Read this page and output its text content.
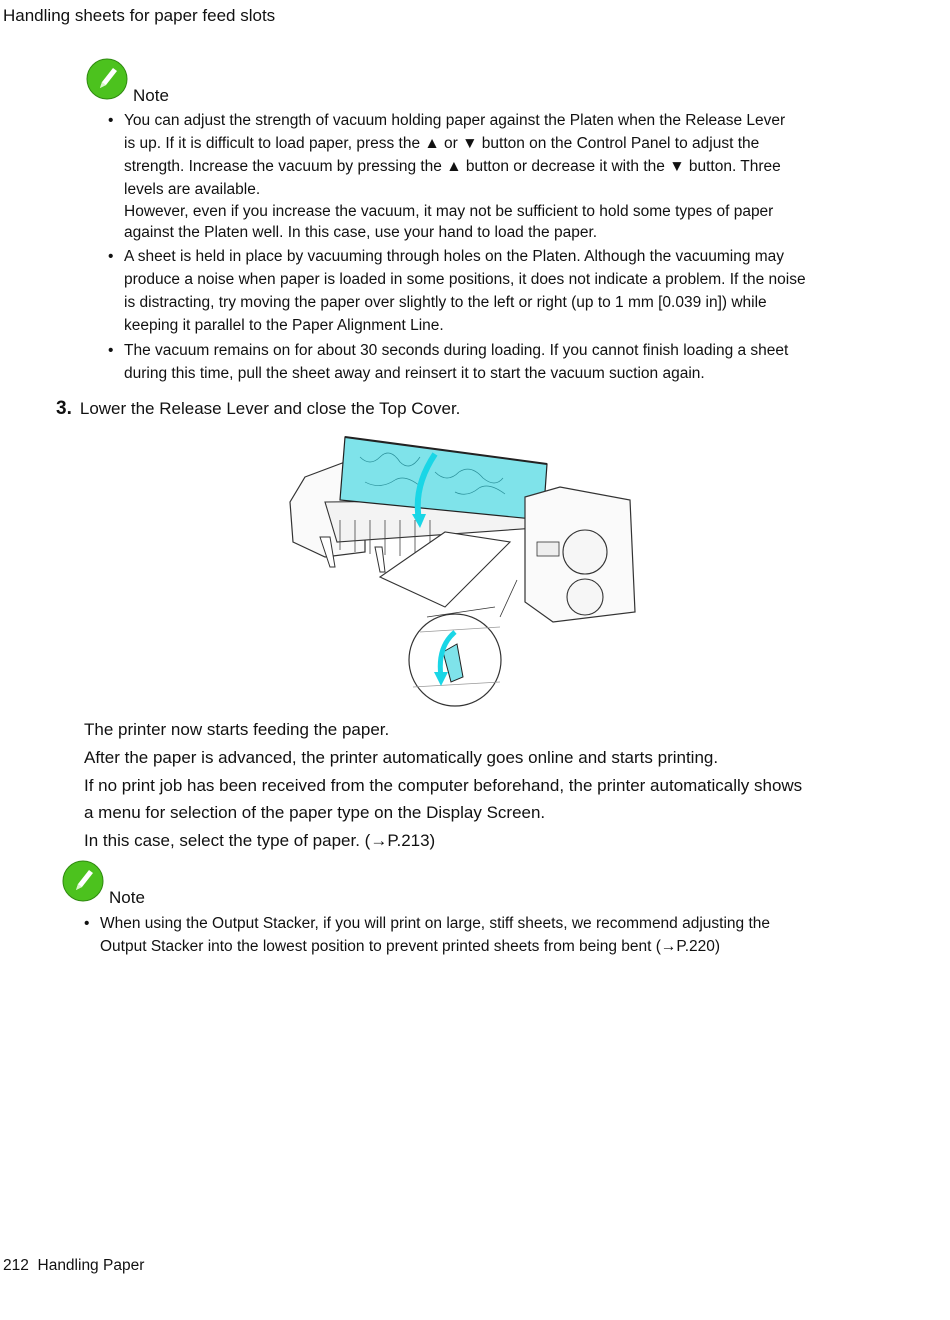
Handling sheets for paper feed slots
Note
• You can adjust the strength of vacuum holding paper against the Platen when the Release Lever
is up. If it is difficult to load paper, press the ▲ or ▼ button on the Control Panel to adjust the
strength. Increase the vacuum by pressing the ▲ button or decrease it with the ▼ button. Three
levels are available.
However, even if you increase the vacuum, it may not be sufficient to hold some types of paper
against the Platen well. In this case, use your hand to load the paper.
• A sheet is held in place by vacuuming through holes on the Platen. Although the vacuuming may
produce a noise when paper is loaded in some positions, it does not indicate a problem. If the noise
is distracting, try moving the paper over slightly to the left or right (up to 1 mm [0.039 in]) while
keeping it parallel to the Paper Alignment Line.
• The vacuum remains on for about 30 seconds during loading. If you cannot finish loading a sheet
during this time, pull the sheet away and reinsert it to start the vacuum suction again.
3. Lower the Release Lever and close the Top Cover.

The printer now starts feeding the paper.

After the paper is advanced, the printer automatically goes online and starts printing.

If no print job has been received from the computer beforehand, the printer automatically shows

a menu for selection of the paper type on the Display Screen.

In this case, select the type of paper. (→P.213)

Note
• When using the Output Stacker, if you will print on large, stiff sheets, we recommend adjusting the
Output Stacker into the lowest position to prevent printed sheets from being bent (→P.220)
212 Handling Paper
